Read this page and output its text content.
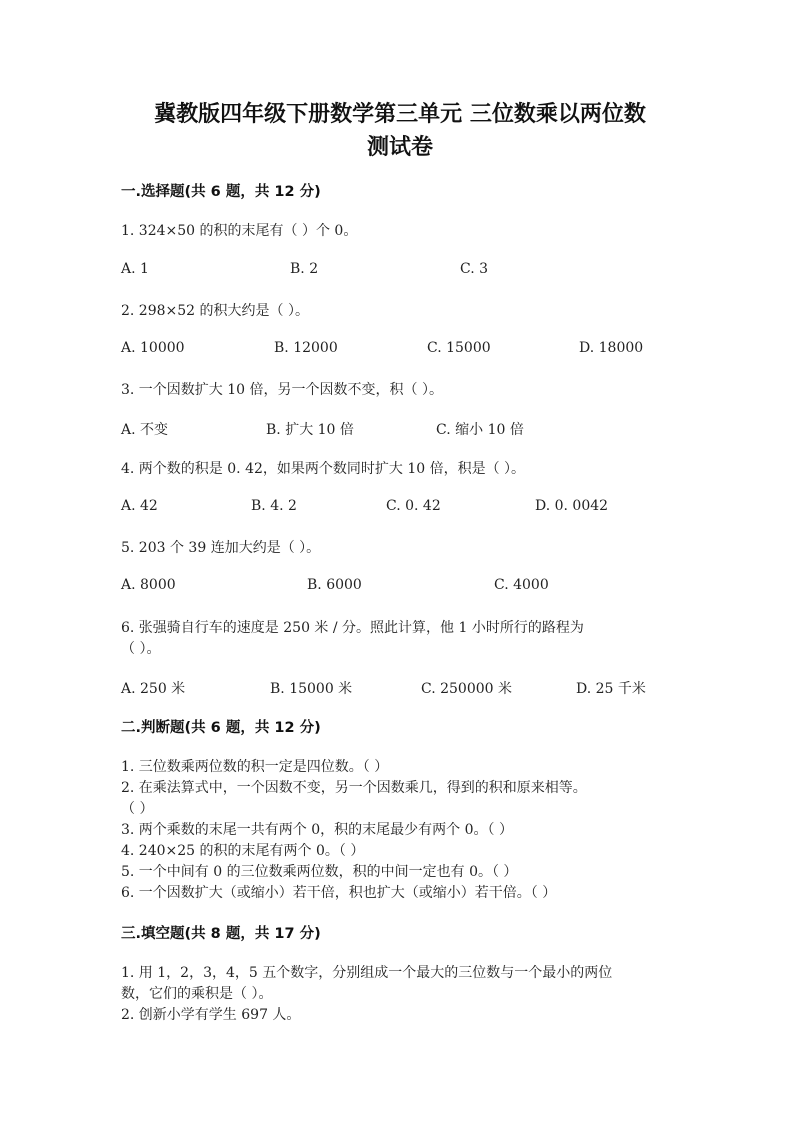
冀教版四年级下册数学第三单元 三位数乘以两位数
测试卷
一.选择题(共 6 题，共 12 分)

1. 324×50 的积的末尾有（ ）个 0。

A. 1	B. 2	C. 3

2. 298×52 的积大约是（ ）。

A. 10000	B. 12000	C. 15000	D. 18000

3. 一个因数扩大 10 倍，另一个因数不变，积（ ）。

A. 不变	B. 扩大 10 倍	C. 缩小 10 倍

4. 两个数的积是 0. 42，如果两个数同时扩大 10 倍，积是（ ）。

A. 42	B. 4. 2	C. 0. 42	D. 0. 0042

5. 203 个 39 连加大约是（ ）。

A. 8000	B. 6000	C. 4000

6. 张强骑自行车的速度是 250 米 / 分。照此计算，他 1 小时所行的路程为

（ ）。

A. 250 米	B. 15000 米	C. 250000 米	D. 25 千米
二.判断题(共 6 题，共 12 分)

1. 三位数乘两位数的积一定是四位数。（ ）

2. 在乘法算式中，一个因数不变，另一个因数乘几，得到的积和原来相等。

（ ）

3. 两个乘数的末尾一共有两个 0，积的末尾最少有两个 0。（ ）

4. 240×25 的积的末尾有两个 0。（ ）

5. 一个中间有 0 的三位数乘两位数，积的中间一定也有 0。（ ）

6. 一个因数扩大（或缩小）若干倍，积也扩大（或缩小）若干倍。（ ）

三.填空题(共 8 题，共 17 分)

1. 用 1，2，3，4，5 五个数字，分别组成一个最大的三位数与一个最小的两位

数，它们的乘积是（ ）。

2. 创新小学有学生 697 人。
